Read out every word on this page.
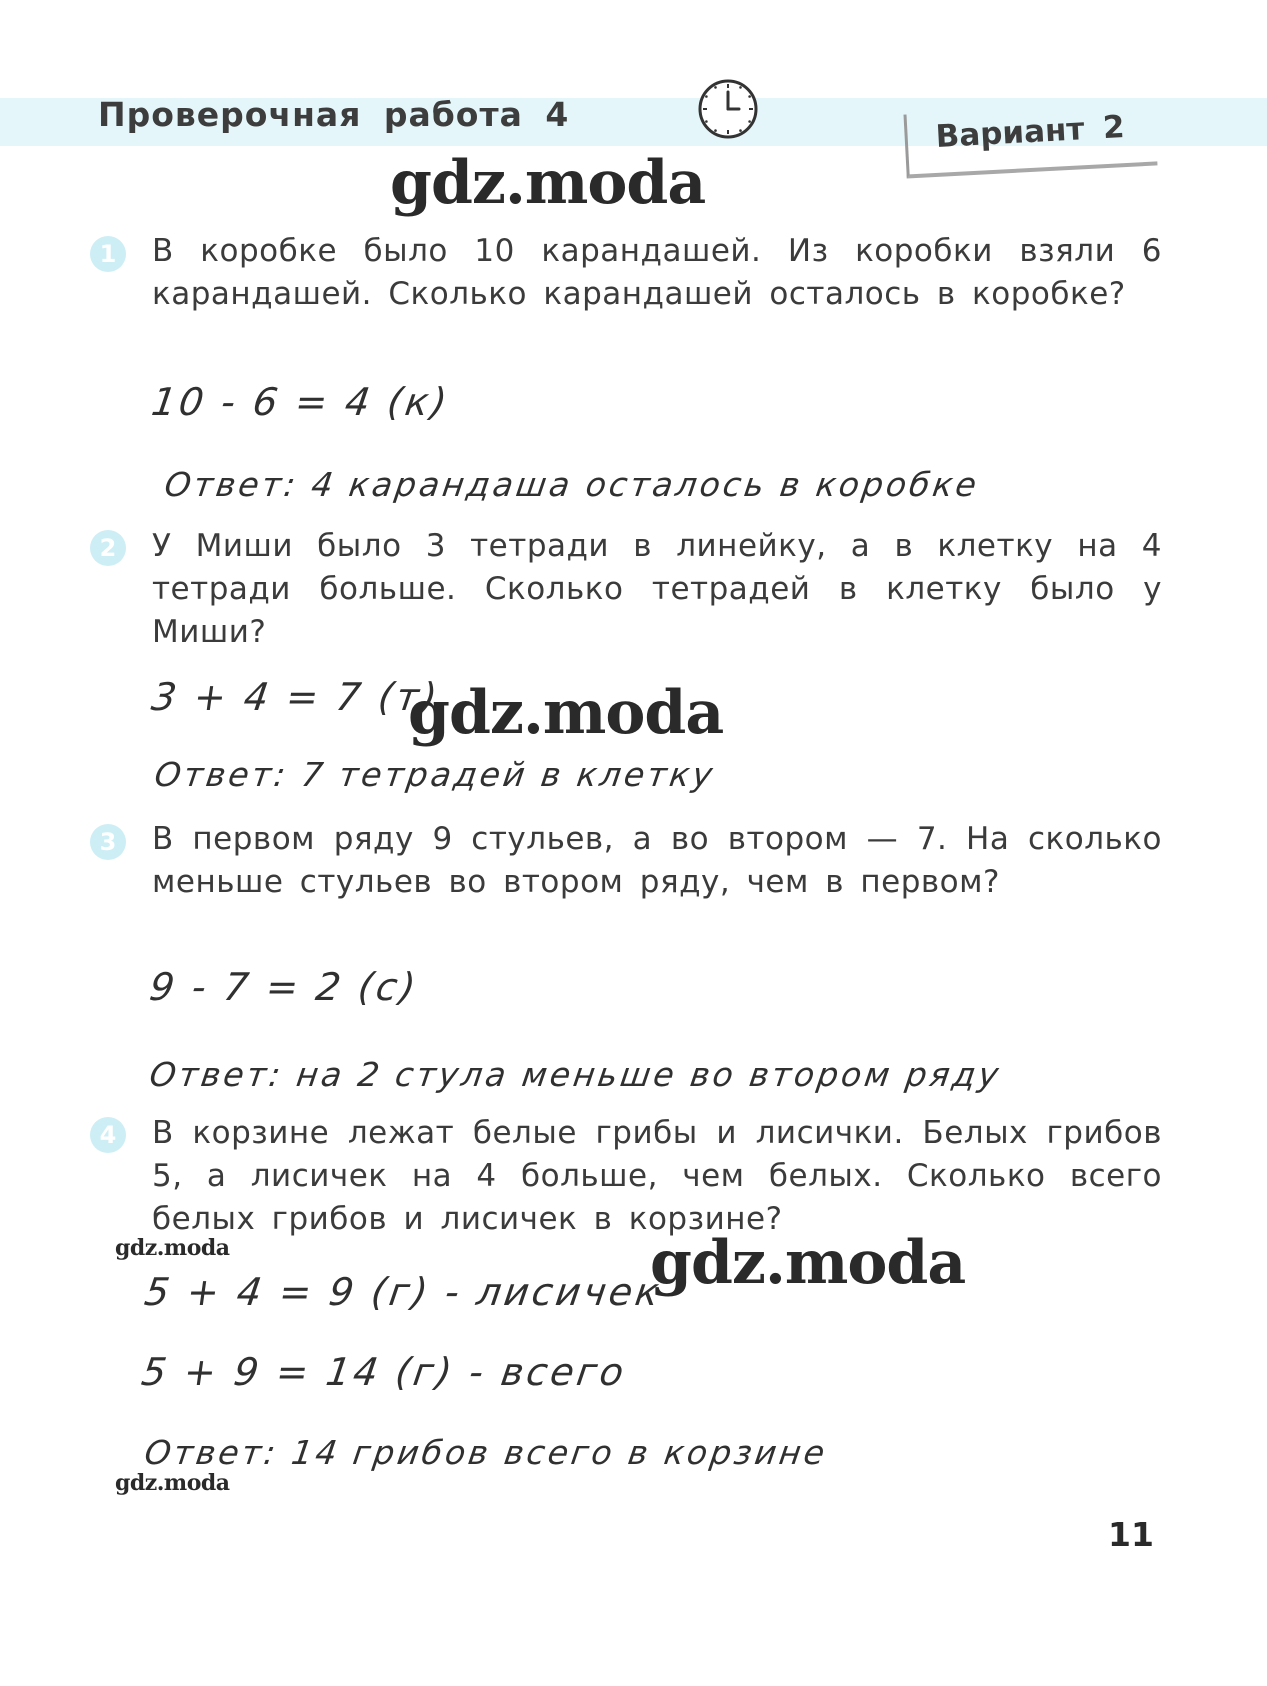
Проверочная работа 4	Вариант 2
gdz.moda
1	В коробке было 10 карандашей. Из коробки взяли 6 карандашей. Сколько карандашей осталось в коробке?
10 - 6 = 4 (к)
Ответ: 4 карандаша осталось в коробке
2	У Миши было 3 тетради в линейку, а в клетку на 4 тетради больше. Сколько тетрадей в клетку было у Миши?
3 + 4 = 7 (т)
gdz.moda
Ответ: 7 тетрадей в клетку
3	В первом ряду 9 стульев, а во втором — 7. На сколько меньше стульев во втором ряду, чем в первом?
9 - 7 = 2 (с)
Ответ: на 2 стула меньше во втором ряду
4	В корзине лежат белые грибы и лисички. Белых грибов 5, а лисичек на 4 больше, чем белых. Сколько всего белых грибов и лисичек в корзине?
gdz.moda
5 + 4 = 9 (г) - лисичек
gdz.moda
5 + 9 = 14 (г) - всего
Ответ: 14 грибов всего в корзине
gdz.moda
11
